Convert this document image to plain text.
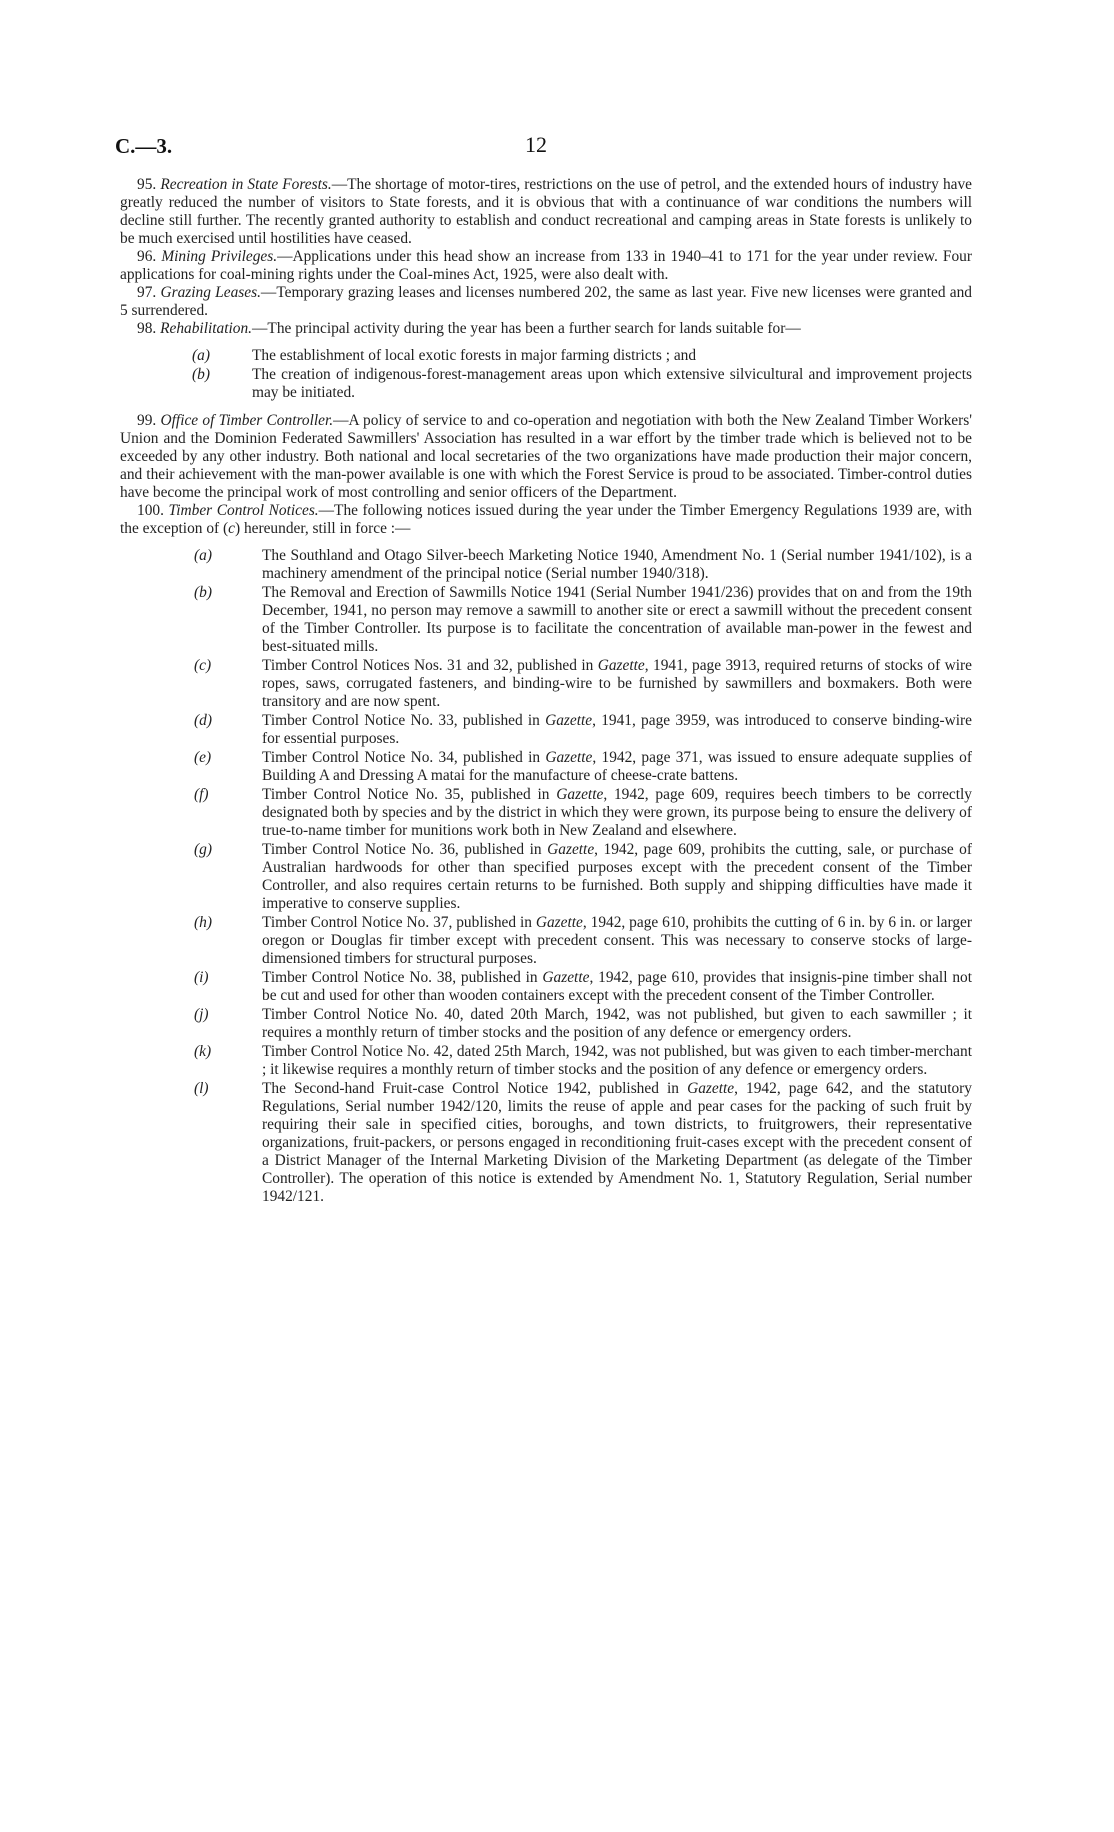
C.—3.	12

95. Recreation in State Forests.—The shortage of motor-tires, restrictions on the use of petrol, and the extended hours of industry have greatly reduced the number of visitors to State forests, and it is obvious that with a continuance of war conditions the numbers will decline still further. The recently granted authority to establish and conduct recreational and camping areas in State forests is unlikely to be much exercised until hostilities have ceased.

96. Mining Privileges.—Applications under this head show an increase from 133 in 1940–41 to 171 for the year under review. Four applications for coal-mining rights under the Coal-mines Act, 1925, were also dealt with.

97. Grazing Leases.—Temporary grazing leases and licenses numbered 202, the same as last year. Five new licenses were granted and 5 surrendered.

98. Rehabilitation.—The principal activity during the year has been a further search for lands suitable for—

(a)	The establishment of local exotic forests in major farming districts ; and
(b)	The creation of indigenous-forest-management areas upon which extensive silvicultural and improvement projects may be initiated.

99. Office of Timber Controller.—A policy of service to and co-operation and negotiation with both the New Zealand Timber Workers' Union and the Dominion Federated Sawmillers' Association has resulted in a war effort by the timber trade which is believed not to be exceeded by any other industry. Both national and local secretaries of the two organizations have made production their major concern, and their achievement with the man-power available is one with which the Forest Service is proud to be associated. Timber-control duties have become the principal work of most controlling and senior officers of the Department.

100. Timber Control Notices.—The following notices issued during the year under the Timber Emergency Regulations 1939 are, with the exception of (c) hereunder, still in force :—

(a)	The Southland and Otago Silver-beech Marketing Notice 1940, Amendment No. 1 (Serial number 1941/102), is a machinery amendment of the principal notice (Serial number 1940/318).
(b)	The Removal and Erection of Sawmills Notice 1941 (Serial Number 1941/236) provides that on and from the 19th December, 1941, no person may remove a sawmill to another site or erect a sawmill without the precedent consent of the Timber Controller. Its purpose is to facilitate the concentration of available man-power in the fewest and best-situated mills.
(c)	Timber Control Notices Nos. 31 and 32, published in Gazette, 1941, page 3913, required returns of stocks of wire ropes, saws, corrugated fasteners, and binding-wire to be furnished by sawmillers and boxmakers. Both were transitory and are now spent.
(d)	Timber Control Notice No. 33, published in Gazette, 1941, page 3959, was introduced to conserve binding-wire for essential purposes.
(e)	Timber Control Notice No. 34, published in Gazette, 1942, page 371, was issued to ensure adequate supplies of Building A and Dressing A matai for the manufacture of cheese-crate battens.
(f)	Timber Control Notice No. 35, published in Gazette, 1942, page 609, requires beech timbers to be correctly designated both by species and by the district in which they were grown, its purpose being to ensure the delivery of true-to-name timber for munitions work both in New Zealand and elsewhere.
(g)	Timber Control Notice No. 36, published in Gazette, 1942, page 609, prohibits the cutting, sale, or purchase of Australian hardwoods for other than specified purposes except with the precedent consent of the Timber Controller, and also requires certain returns to be furnished. Both supply and shipping difficulties have made it imperative to conserve supplies.
(h)	Timber Control Notice No. 37, published in Gazette, 1942, page 610, prohibits the cutting of 6 in. by 6 in. or larger oregon or Douglas fir timber except with precedent consent. This was necessary to conserve stocks of large-dimensioned timbers for structural purposes.
(i)	Timber Control Notice No. 38, published in Gazette, 1942, page 610, provides that insignis-pine timber shall not be cut and used for other than wooden containers except with the precedent consent of the Timber Controller.
(j)	Timber Control Notice No. 40, dated 20th March, 1942, was not published, but given to each sawmiller ; it requires a monthly return of timber stocks and the position of any defence or emergency orders.
(k)	Timber Control Notice No. 42, dated 25th March, 1942, was not published, but was given to each timber-merchant ; it likewise requires a monthly return of timber stocks and the position of any defence or emergency orders.
(l)	The Second-hand Fruit-case Control Notice 1942, published in Gazette, 1942, page 642, and the statutory Regulations, Serial number 1942/120, limits the reuse of apple and pear cases for the packing of such fruit by requiring their sale in specified cities, boroughs, and town districts, to fruitgrowers, their representative organizations, fruit-packers, or persons engaged in reconditioning fruit-cases except with the precedent consent of a District Manager of the Internal Marketing Division of the Marketing Department (as delegate of the Timber Controller). The operation of this notice is extended by Amendment No. 1, Statutory Regulation, Serial number 1942/121.
